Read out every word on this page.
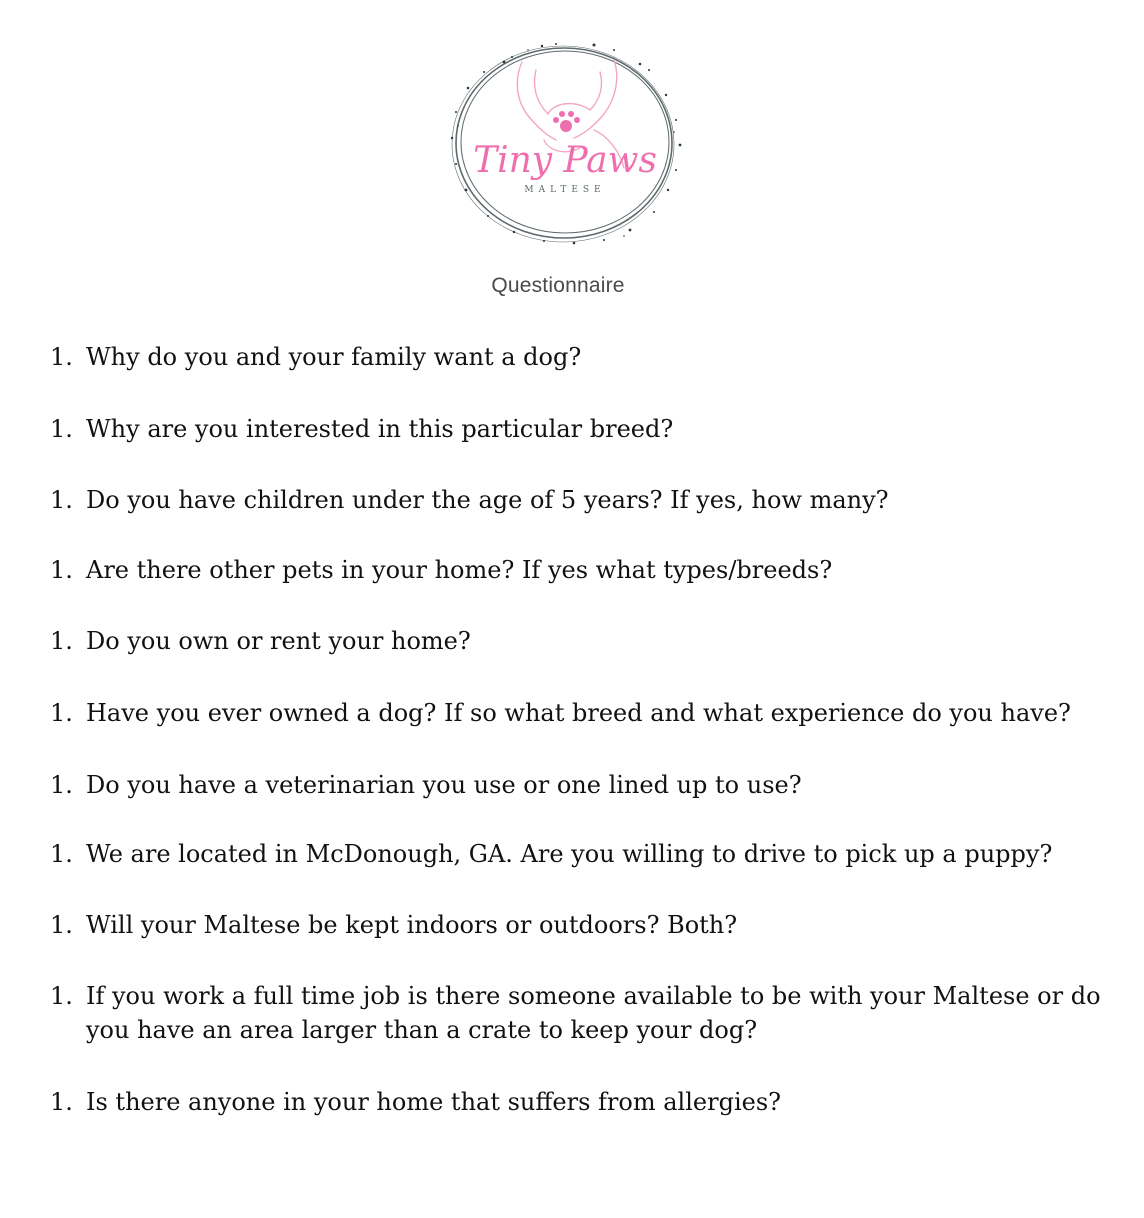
Tiny Paws
MALTESE
Questionnaire
1. Why do you and your family want a dog?
1. Why are you interested in this particular breed?
1. Do you have children under the age of 5 years? If yes, how many?
1. Are there other pets in your home? If yes what types/breeds?
1. Do you own or rent your home?
1. Have you ever owned a dog? If so what breed and what experience do you have?
1. Do you have a veterinarian you use or one lined up to use?
1. We are located in McDonough, GA. Are you willing to drive to pick up a puppy?
1. Will your Maltese be kept indoors or outdoors? Both?
1. If you work a full time job is there someone available to be with your Maltese or do you have an area larger than a crate to keep your dog?
1. Is there anyone in your home that suffers from allergies?
